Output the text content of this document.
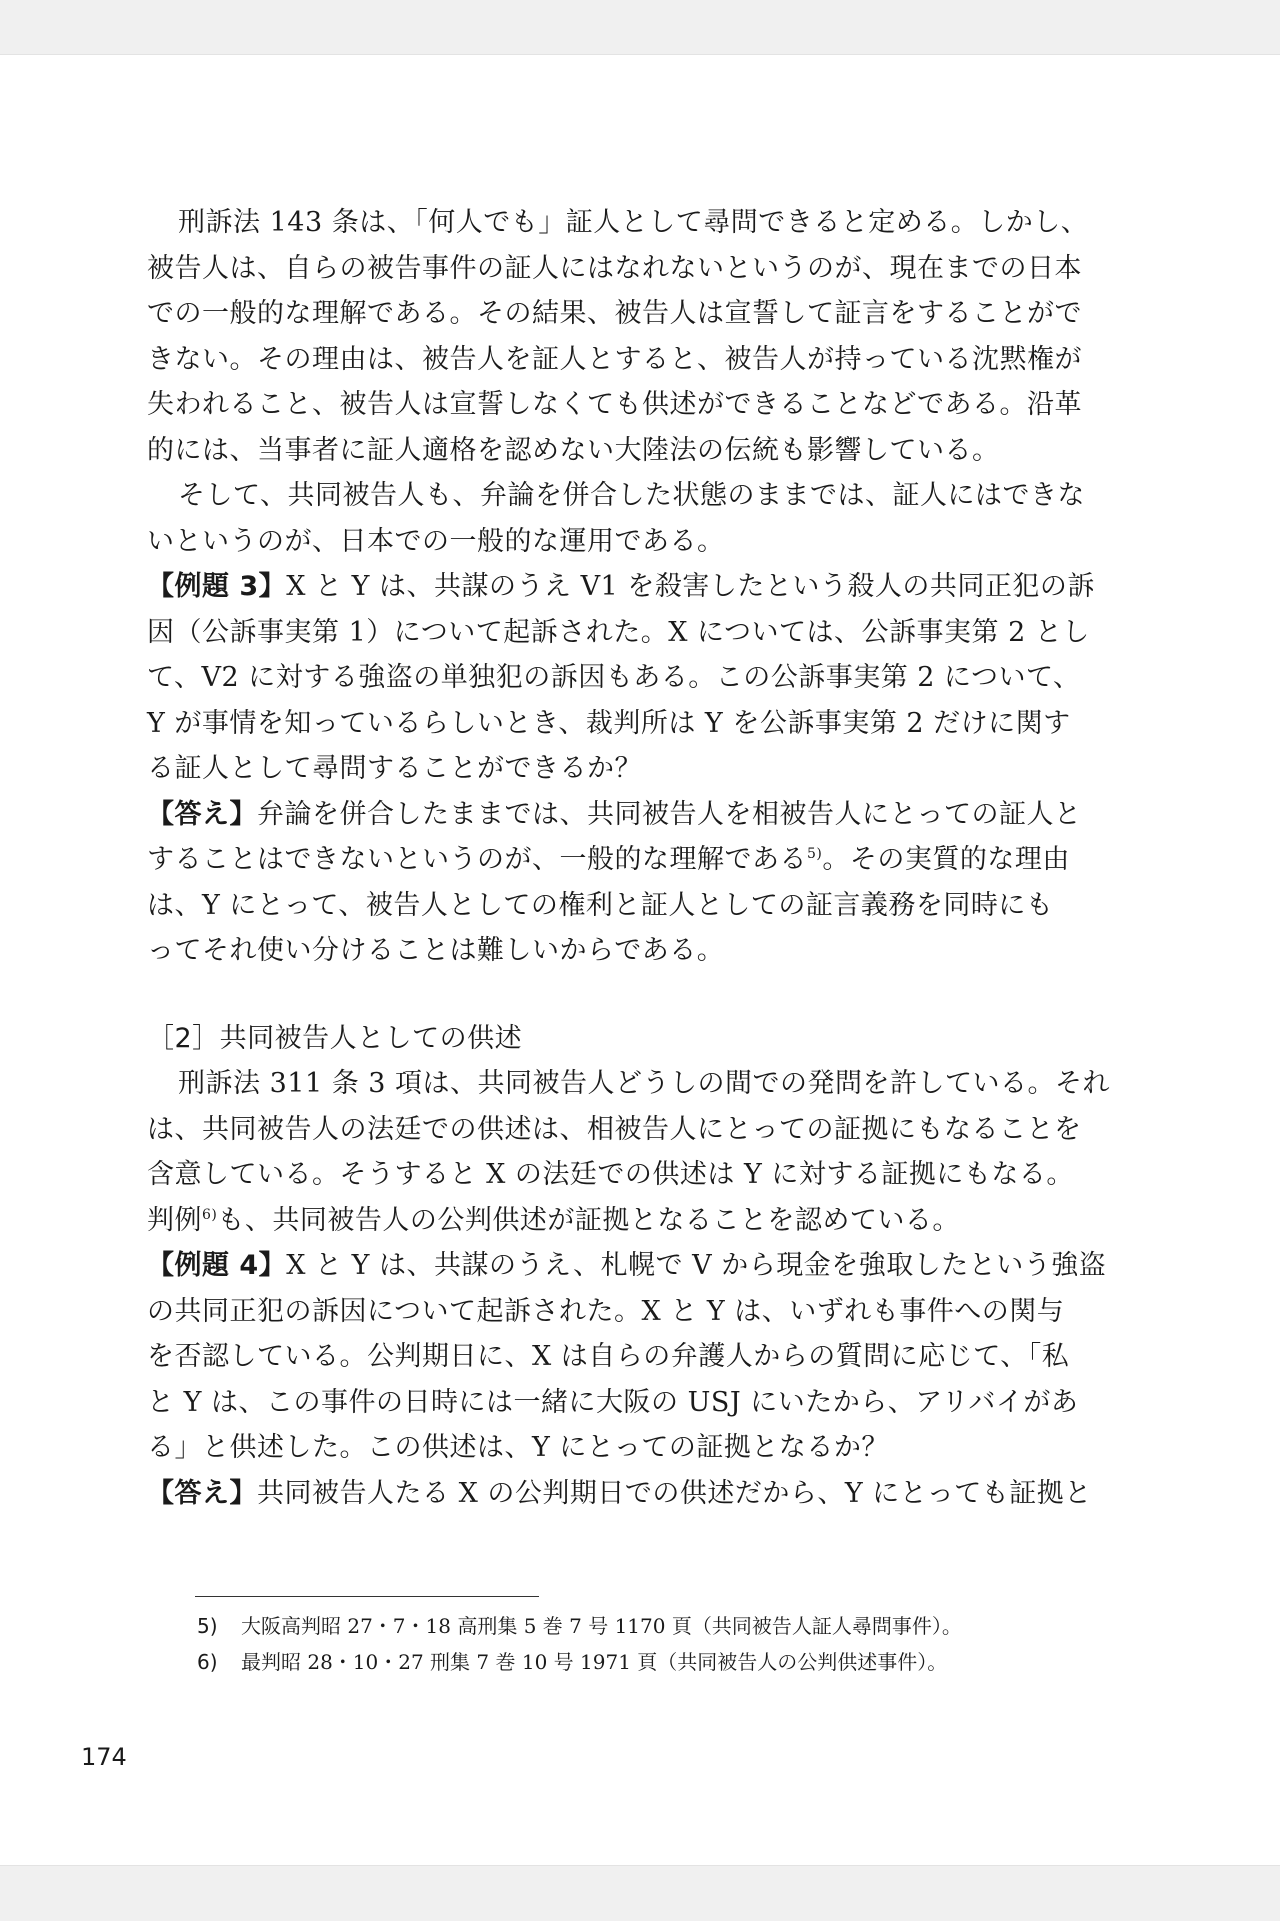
刑訴法 143 条は、「何人でも」証人として尋問できると定める。しかし、
被告人は、自らの被告事件の証人にはなれないというのが、現在までの日本
での一般的な理解である。その結果、被告人は宣誓して証言をすることがで
きない。その理由は、被告人を証人とすると、被告人が持っている沈黙権が
失われること、被告人は宣誓しなくても供述ができることなどである。沿革
的には、当事者に証人適格を認めない大陸法の伝統も影響している。
そして、共同被告人も、弁論を併合した状態のままでは、証人にはできな
いというのが、日本での一般的な運用である。
【例題 3】X と Y は、共謀のうえ V1 を殺害したという殺人の共同正犯の訴
因（公訴事実第 1）について起訴された。X については、公訴事実第 2 とし
て、V2 に対する強盗の単独犯の訴因もある。この公訴事実第 2 について、
Y が事情を知っているらしいとき、裁判所は Y を公訴事実第 2 だけに関す
る証人として尋問することができるか？
【答え】弁論を併合したままでは、共同被告人を相被告人にとっての証人と
することはできないというのが、一般的な理解である$^{5)}$。その実質的な理由
は、Y にとって、被告人としての権利と証人としての証言義務を同時にも
ってそれ使い分けることは難しいからである。
［2］共同被告人としての供述
刑訴法 311 条 3 項は、共同被告人どうしの間での発問を許している。それ
は、共同被告人の法廷での供述は、相被告人にとっての証拠にもなることを
含意している。そうすると X の法廷での供述は Y に対する証拠にもなる。
判例$^{6)}$も、共同被告人の公判供述が証拠となることを認めている。
【例題 4】X と Y は、共謀のうえ、札幌で V から現金を強取したという強盗
の共同正犯の訴因について起訴された。X と Y は、いずれも事件への関与
を否認している。公判期日に、X は自らの弁護人からの質問に応じて、「私
と Y は、この事件の日時には一緒に大阪の USJ にいたから、アリバイがあ
る」と供述した。この供述は、Y にとっての証拠となるか？
【答え】共同被告人たる X の公判期日での供述だから、Y にとっても証拠と
5) 大阪高判昭 27・7・18 高刑集 5 巻 7 号 1170 頁（共同被告人証人尋問事件）。
6) 最判昭 28・10・27 刑集 7 巻 10 号 1971 頁（共同被告人の公判供述事件）。
174
